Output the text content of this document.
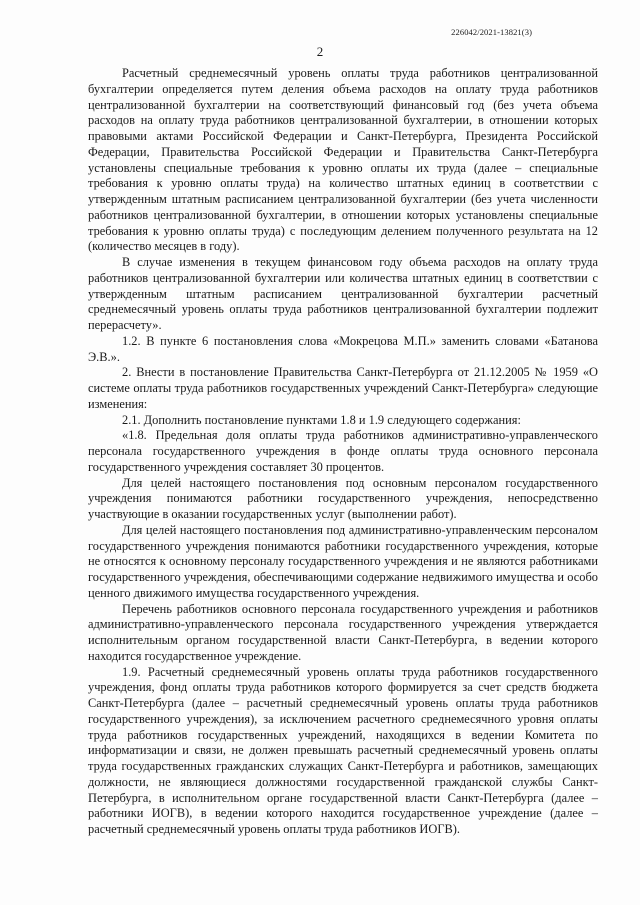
226042/2021-13821(3)
2

Расчетный среднемесячный уровень оплаты труда работников централизованной бухгалтерии определяется путем деления объема расходов на оплату труда работников централизованной бухгалтерии на соответствующий финансовый год (без учета объема расходов на оплату труда работников централизованной бухгалтерии, в отношении которых правовыми актами Российской Федерации и Санкт-Петербурга, Президента Российской Федерации, Правительства Российской Федерации и Правительства Санкт-Петербурга установлены специальные требования к уровню оплаты их труда (далее – специальные требования к уровню оплаты труда) на количество штатных единиц в соответствии с утвержденным штатным расписанием централизованной бухгалтерии (без учета численности работников централизованной бухгалтерии, в отношении которых установлены специальные требования к уровню оплаты труда) с последующим делением полученного результата на 12 (количество месяцев в году).

В случае изменения в текущем финансовом году объема расходов на оплату труда работников централизованной бухгалтерии или количества штатных единиц в соответствии с утвержденным штатным расписанием централизованной бухгалтерии расчетный среднемесячный уровень оплаты труда работников централизованной бухгалтерии подлежит перерасчету».

1.2. В пункте 6 постановления слова «Мокрецова М.П.» заменить словами «Батанова Э.В.».

2. Внести в постановление Правительства Санкт-Петербурга от 21.12.2005 № 1959 «О системе оплаты труда работников государственных учреждений Санкт-Петербурга» следующие изменения:

2.1. Дополнить постановление пунктами 1.8 и 1.9 следующего содержания:

«1.8. Предельная доля оплаты труда работников административно-управленческого персонала государственного учреждения в фонде оплаты труда основного персонала государственного учреждения составляет 30 процентов.

Для целей настоящего постановления под основным персоналом государственного учреждения понимаются работники государственного учреждения, непосредственно участвующие в оказании государственных услуг (выполнении работ).

Для целей настоящего постановления под административно-управленческим персоналом государственного учреждения понимаются работники государственного учреждения, которые не относятся к основному персоналу государственного учреждения и не являются работниками государственного учреждения, обеспечивающими содержание недвижимого имущества и особо ценного движимого имущества государственного учреждения.

Перечень работников основного персонала государственного учреждения и работников административно-управленческого персонала государственного учреждения утверждается исполнительным органом государственной власти Санкт-Петербурга, в ведении которого находится государственное учреждение.

1.9. Расчетный среднемесячный уровень оплаты труда работников государственного учреждения, фонд оплаты труда работников которого формируется за счет средств бюджета Санкт-Петербурга (далее – расчетный среднемесячный уровень оплаты труда работников государственного учреждения), за исключением расчетного среднемесячного уровня оплаты труда работников государственных учреждений, находящихся в ведении Комитета по информатизации и связи, не должен превышать расчетный среднемесячный уровень оплаты труда государственных гражданских служащих Санкт-Петербурга и работников, замещающих должности, не являющиеся должностями государственной гражданской службы Санкт-Петербурга, в исполнительном органе государственной власти Санкт-Петербурга (далее – работники ИОГВ), в ведении которого находится государственное учреждение (далее – расчетный среднемесячный уровень оплаты труда работников ИОГВ).
